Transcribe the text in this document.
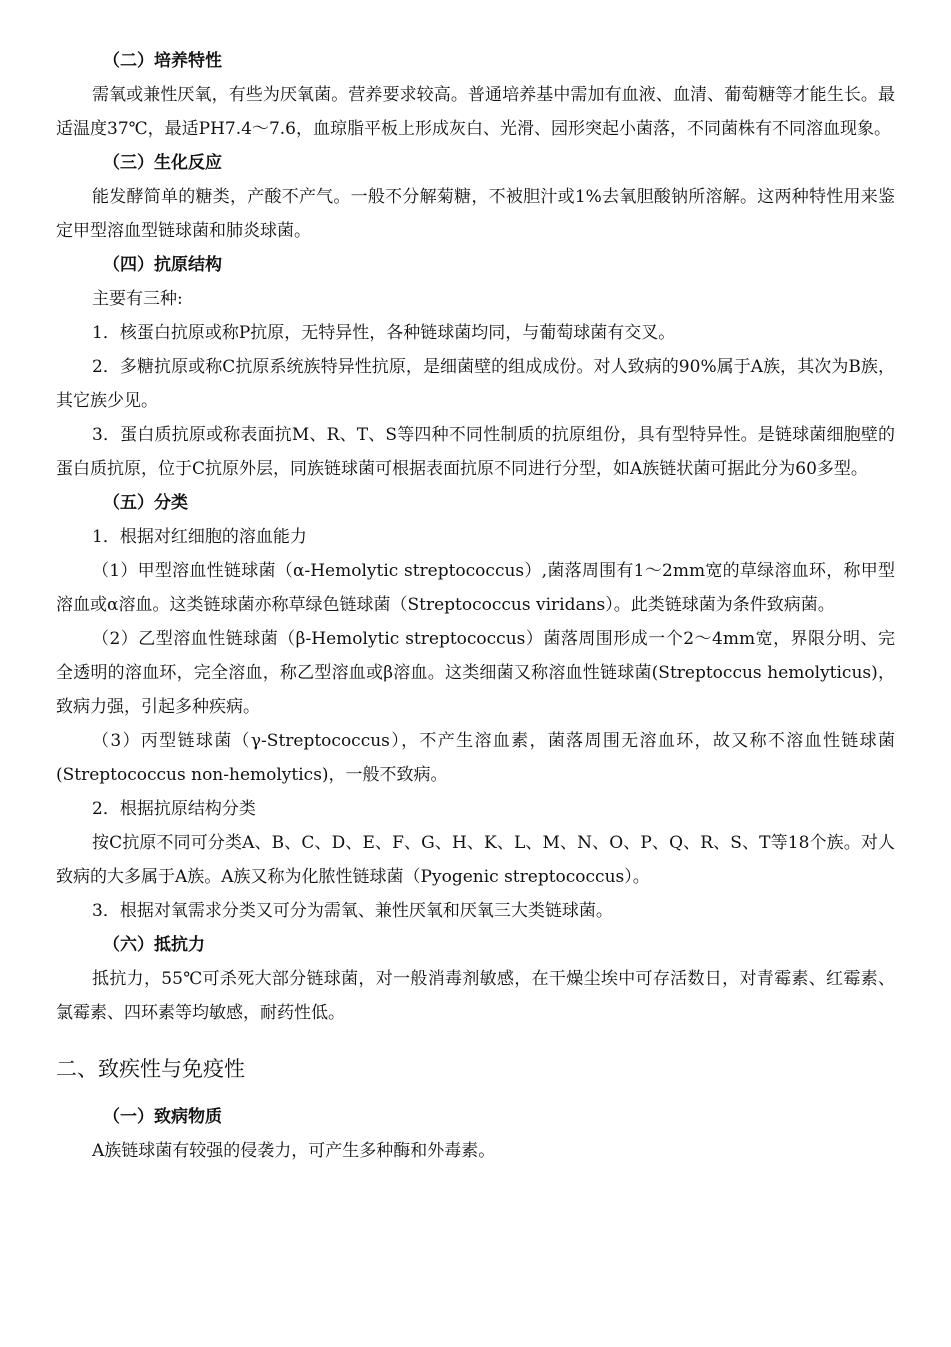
（二）培养特性

需氧或兼性厌氧，有些为厌氧菌。营养要求较高。普通培养基中需加有血液、血清、葡萄糖等才能生长。最适温度37℃，最适PH7.4～7.6，血琼脂平板上形成灰白、光滑、园形突起小菌落，不同菌株有不同溶血现象。

（三）生化反应

能发酵简单的糖类，产酸不产气。一般不分解菊糖，不被胆汁或1%去氧胆酸钠所溶解。这两种特性用来鉴定甲型溶血型链球菌和肺炎球菌。

（四）抗原结构

主要有三种:

1．核蛋白抗原或称P抗原，无特异性，各种链球菌均同，与葡萄球菌有交叉。

2．多糖抗原或称C抗原系统族特异性抗原，是细菌壁的组成成份。对人致病的90%属于A族，其次为B族，其它族少见。

3．蛋白质抗原或称表面抗M、R、T、S等四种不同性制质的抗原组份，具有型特异性。是链球菌细胞壁的蛋白质抗原，位于C抗原外层，同族链球菌可根据表面抗原不同进行分型，如A族链状菌可据此分为60多型。

（五）分类

1．根据对红细胞的溶血能力

（1）甲型溶血性链球菌（α-Hemolytic streptococcus）,菌落周围有1～2mm宽的草绿溶血环，称甲型溶血或α溶血。这类链球菌亦称草绿色链球菌（Streptococcus viridans）。此类链球菌为条件致病菌。

（2）乙型溶血性链球菌（β-Hemolytic streptococcus）菌落周围形成一个2～4mm宽，界限分明、完全透明的溶血环，完全溶血，称乙型溶血或β溶血。这类细菌又称溶血性链球菌(Streptoccus hemolyticus)，致病力强，引起多种疾病。

（3）丙型链球菌（γ-Streptococcus），不产生溶血素，菌落周围无溶血环，故又称不溶血性链球菌(Streptococcus non-hemolytics)，一般不致病。

2．根据抗原结构分类

按C抗原不同可分类A、B、C、D、E、F、G、H、K、L、M、N、O、P、Q、R、S、T等18个族。对人致病的大多属于A族。A族又称为化脓性链球菌（Pyogenic streptococcus）。

3．根据对氧需求分类又可分为需氧、兼性厌氧和厌氧三大类链球菌。

（六）抵抗力

抵抗力，55℃可杀死大部分链球菌，对一般消毒剂敏感，在干燥尘埃中可存活数日，对青霉素、红霉素、氯霉素、四环素等均敏感，耐药性低。

二、致疾性与免疫性
（一）致病物质

A族链球菌有较强的侵袭力，可产生多种酶和外毒素。
